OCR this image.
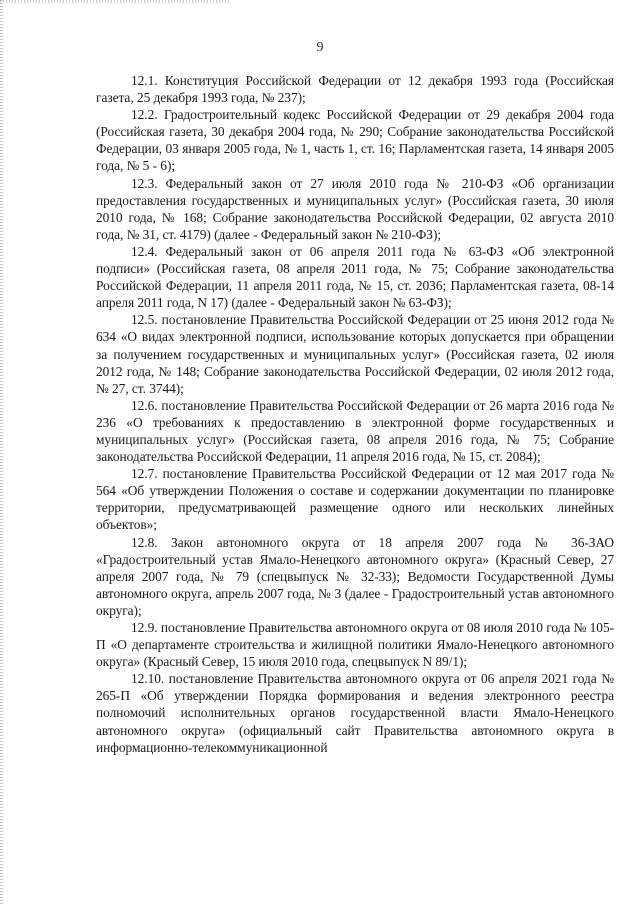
9

12.1. Конституция Российской Федерации от 12 декабря 1993 года (Российская газета, 25 декабря 1993 года, № 237);

12.2. Градостроительный кодекс Российской Федерации от 29 декабря 2004 года (Российская газета, 30 декабря 2004 года, № 290; Собрание законодательства Российской Федерации, 03 января 2005 года, № 1, часть 1, ст. 16; Парламентская газета, 14 января 2005 года, № 5 - 6);

12.3. Федеральный закон от 27 июля 2010 года № 210-ФЗ «Об организации предоставления государственных и муниципальных услуг» (Российская газета, 30 июля 2010 года, № 168; Собрание законодательства Российской Федерации, 02 августа 2010 года, № 31, ст. 4179) (далее - Федеральный закон № 210-ФЗ);

12.4. Федеральный закон от 06 апреля 2011 года № 63-ФЗ «Об электронной подписи» (Российская газета, 08 апреля 2011 года, № 75; Собрание законодательства Российской Федерации, 11 апреля 2011 года, № 15, ст. 2036; Парламентская газета, 08-14 апреля 2011 года, N 17) (далее - Федеральный закон № 63-ФЗ);

12.5. постановление Правительства Российской Федерации от 25 июня 2012 года № 634 «О видах электронной подписи, использование которых допускается при обращении за получением государственных и муниципальных услуг» (Российская газета, 02 июля 2012 года, № 148; Собрание законодательства Российской Федерации, 02 июля 2012 года, № 27, ст. 3744);

12.6. постановление Правительства Российской Федерации от 26 марта 2016 года № 236 «О требованиях к предоставлению в электронной форме государственных и муниципальных услуг» (Российская газета, 08 апреля 2016 года, № 75; Собрание законодательства Российской Федерации, 11 апреля 2016 года, № 15, ст. 2084);

12.7. постановление Правительства Российской Федерации от 12 мая 2017 года № 564 «Об утверждении Положения о составе и содержании документации по планировке территории, предусматривающей размещение одного или нескольких линейных объектов»;

12.8. Закон автономного округа от 18 апреля 2007 года № 36-ЗАО «Градостроительный устав Ямало-Ненецкого автономного округа» (Красный Север, 27 апреля 2007 года, № 79 (спецвыпуск № 32-33); Ведомости Государственной Думы автономного округа, апрель 2007 года, № 3 (далее - Градостроительный устав автономного округа);

12.9. постановление Правительства автономного округа от 08 июля 2010 года № 105-П «О департаменте строительства и жилищной политики Ямало-Ненецкого автономного округа» (Красный Север, 15 июля 2010 года, спецвыпуск N 89/1);

12.10. постановление Правительства автономного округа от 06 апреля 2021 года № 265-П «Об утверждении Порядка формирования и ведения электронного реестра полномочий исполнительных органов государственной власти Ямало-Ненецкого автономного округа» (официальный сайт Правительства автономного округа в информационно-телекоммуникационной
